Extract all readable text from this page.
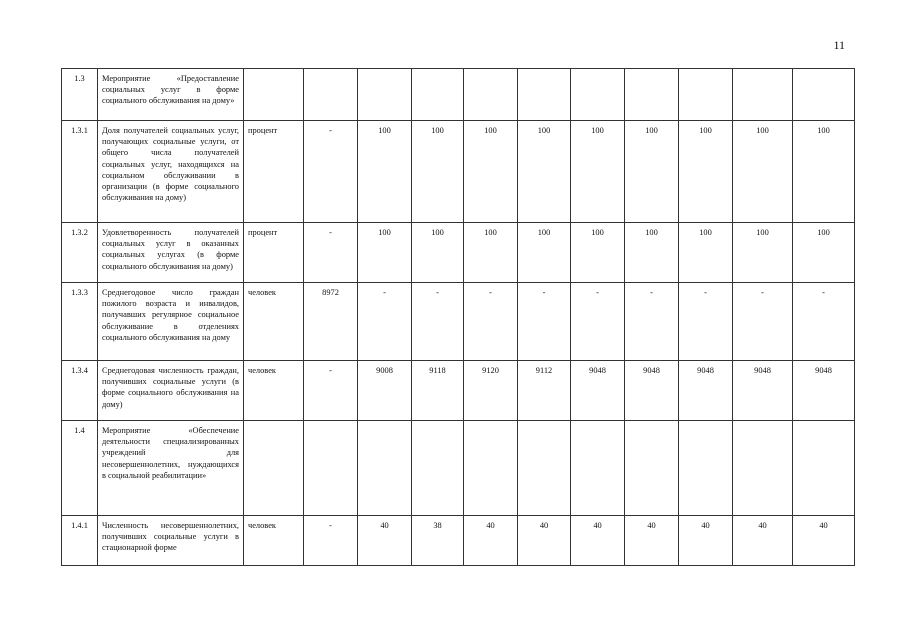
11
1.3	Мероприятие «Предоставление социальных услуг в форме социального обслуживания на дому»											

1.3.1	Доля получателей социальных услуг, получающих социальные услуги, от общего числа получателей социальных услуг, находящихся на социальном обслуживании в организации (в форме социального обслуживания на дому)	процент	-	100	100	100	100	100	100	100	100	100
1.3.2	Удовлетворенность получателей социальных услуг в оказанных социальных услугах (в форме социального обслуживания на дому)	процент	-	100	100	100	100	100	100	100	100	100
1.3.3	Среднегодовое число граждан пожилого возраста и инвалидов, получавших регулярное социальное обслуживание в отделениях социального обслуживания на дому	человек	8972	-	-	-	-	-	-	-	-	-
1.3.4	Среднегодовая численность граждан, получивших социальные услуги (в форме социального обслуживания на дому)	человек	-	9008	9118	9120	9112	9048	9048	9048	9048	9048
1.4	Мероприятие «Обеспечение деятельности специализированных учреждений для несовершеннолетних, нуждающихся в социальной реабилитации»											

1.4.1	Численность несовершеннолетних, получивших социальные услуги в стационарной форме	человек	-	40	38	40	40	40	40	40	40	40
